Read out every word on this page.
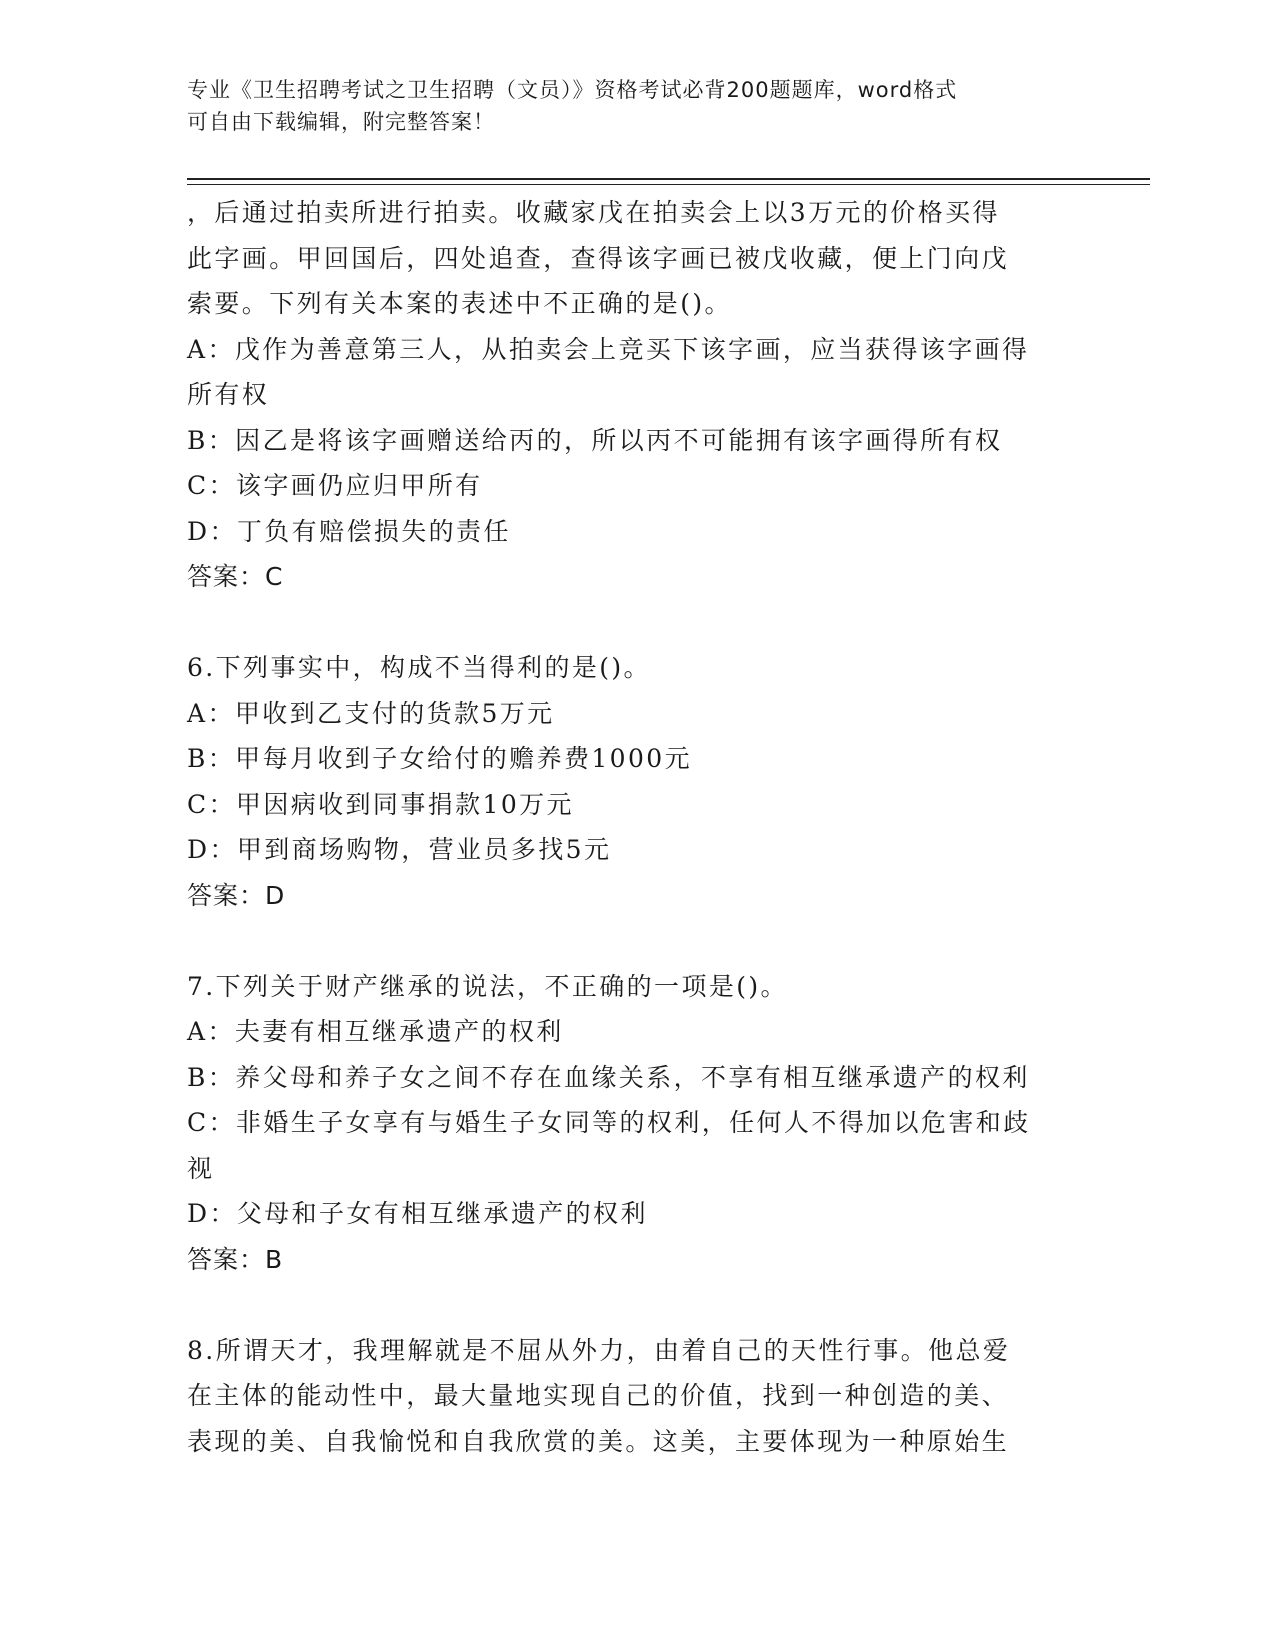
专业《卫生招聘考试之卫生招聘（文员）》资格考试必背200题题库，word格式
可自由下载编辑，附完整答案！
，后通过拍卖所进行拍卖。收藏家戊在拍卖会上以3万元的价格买得
此字画。甲回国后，四处追查，查得该字画已被戊收藏，便上门向戊
索要。下列有关本案的表述中不正确的是()。
A：戊作为善意第三人，从拍卖会上竞买下该字画，应当获得该字画得
所有权
B：因乙是将该字画赠送给丙的，所以丙不可能拥有该字画得所有权
C：该字画仍应归甲所有
D：丁负有赔偿损失的责任
答案：C
6.下列事实中，构成不当得利的是()。
A：甲收到乙支付的货款5万元
B：甲每月收到子女给付的赡养费1000元
C：甲因病收到同事捐款10万元
D：甲到商场购物，营业员多找5元
答案：D
7.下列关于财产继承的说法，不正确的一项是()。
A：夫妻有相互继承遗产的权利
B：养父母和养子女之间不存在血缘关系，不享有相互继承遗产的权利
C：非婚生子女享有与婚生子女同等的权利，任何人不得加以危害和歧
视
D：父母和子女有相互继承遗产的权利
答案：B
8.所谓天才，我理解就是不屈从外力，由着自己的天性行事。他总爱
在主体的能动性中，最大量地实现自己的价值，找到一种创造的美、
表现的美、自我愉悦和自我欣赏的美。这美，主要体现为一种原始生
